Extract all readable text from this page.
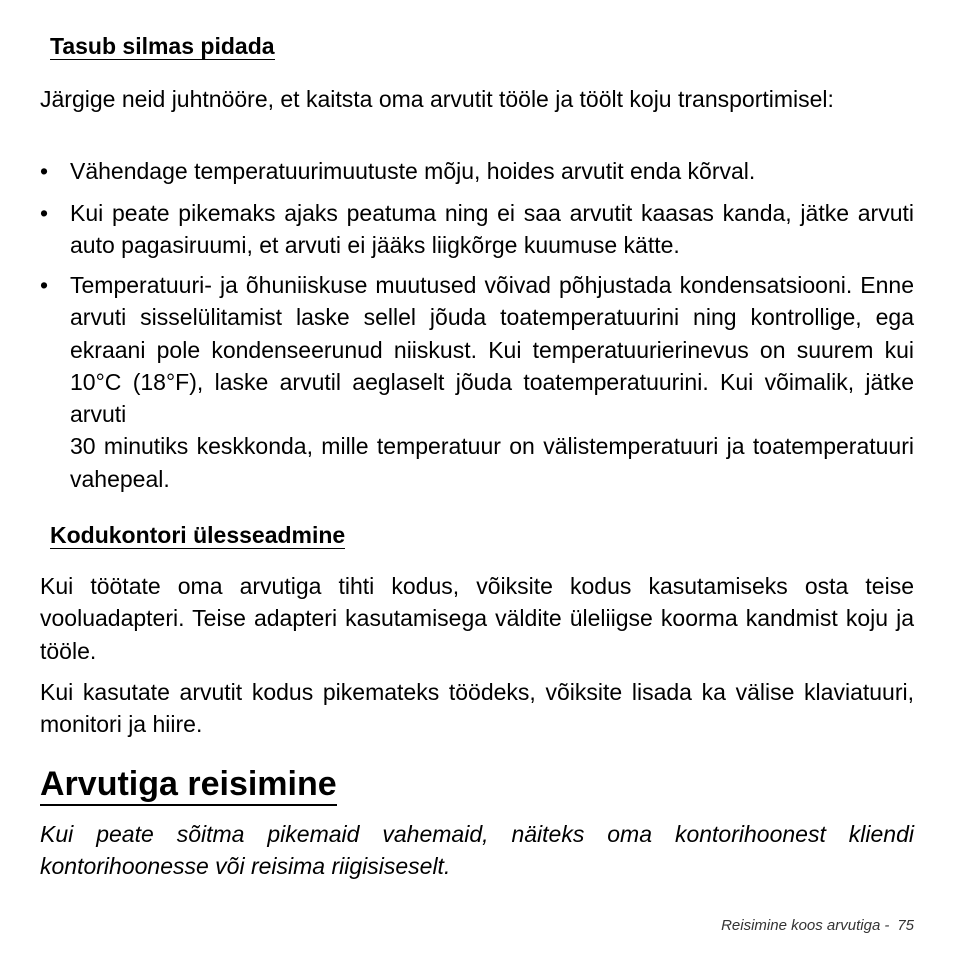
Tasub silmas pidada

Järgige neid juhtnööre, et kaitsta oma arvutit tööle ja töölt koju transportimisel:

• Vähendage temperatuurimuutuste mõju, hoides arvutit enda kõrval.
• Kui peate pikemaks ajaks peatuma ning ei saa arvutit kaasas kanda, jätke arvuti auto pagasiruumi, et arvuti ei jääks liigkõrge kuumuse kätte.
• Temperatuuri- ja õhuniiskuse muutused võivad põhjustada kondensatsiooni. Enne arvuti sisselülitamist laske sellel jõuda toatemperatuurini ning kontrollige, ega ekraani pole kondenseerunud niiskust. Kui temperatuurierinevus on suurem kui 10°C (18°F), laske arvutil aeglaselt jõuda toatemperatuurini. Kui võimalik, jätke arvuti
30 minutiks keskkonda, mille temperatuur on välistemperatuuri ja toatemperatuuri vahepeal.
Kodukontori ülesseadmine

Kui töötate oma arvutiga tihti kodus, võiksite kodus kasutamiseks osta teise vooluadapteri. Teise adapteri kasutamisega väldite üleliigse koorma kandmist koju ja tööle.

Kui kasutate arvutit kodus pikemateks töödeks, võiksite lisada ka välise klaviatuuri, monitori ja hiire.

Arvutiga reisimine
Kui peate sõitma pikemaid vahemaid, näiteks oma kontorihoonest kliendi kontorihoonesse või reisima riigisiseselt.
Reisimine koos arvutiga - 75
